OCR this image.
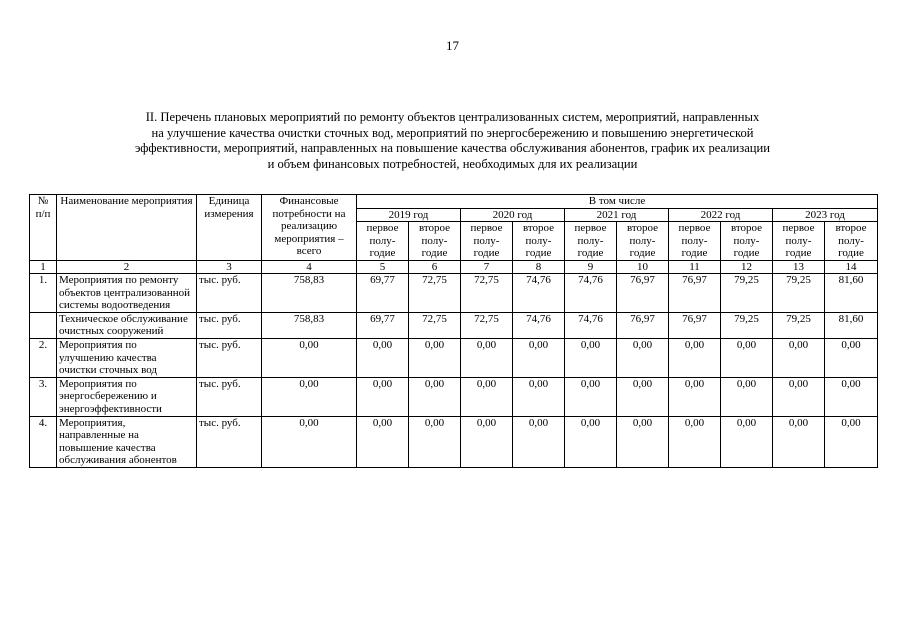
17
II. Перечень плановых мероприятий по ремонту объектов централизованных систем, мероприятий, направленных
на улучшение качества очистки сточных вод, мероприятий по энергосбережению и повышению энергетической
эффективности, мероприятий, направленных на повышение качества обслуживания абонентов, график их реализации
и объем финансовых потребностей, необходимых для их реализации
№ п/п	Наименование мероприятия	Единица измерения	Финансовые потребности на реализацию мероприятия – всего	В том числе									
				2019 год		2020 год		2021 год		2022 год		2023 год	
				первое полу-годие	второе полу-годие	первое полу-годие	второе полу-годие	первое полу-годие	второе полу-годие	первое полу-годие	второе полу-годие	первое полу-годие	второе полу-годие
1	2	3	4	5	6	7	8	9	10	11	12	13	14
1.	Мероприятия по ремонту объектов централизованной системы водоотведения	тыс. руб.	758,83	69,77	72,75	72,75	74,76	74,76	76,97	76,97	79,25	79,25	81,60
	Техническое обслуживание очистных сооружений	тыс. руб.	758,83	69,77	72,75	72,75	74,76	74,76	76,97	76,97	79,25	79,25	81,60
2.	Мероприятия по улучшению качества очистки сточных вод	тыс. руб.	0,00	0,00	0,00	0,00	0,00	0,00	0,00	0,00	0,00	0,00	0,00
3.	Мероприятия по энергосбережению и энергоэффективности	тыс. руб.	0,00	0,00	0,00	0,00	0,00	0,00	0,00	0,00	0,00	0,00	0,00
4.	Мероприятия, направленные на повышение качества обслуживания абонентов	тыс. руб.	0,00	0,00	0,00	0,00	0,00	0,00	0,00	0,00	0,00	0,00	0,00
